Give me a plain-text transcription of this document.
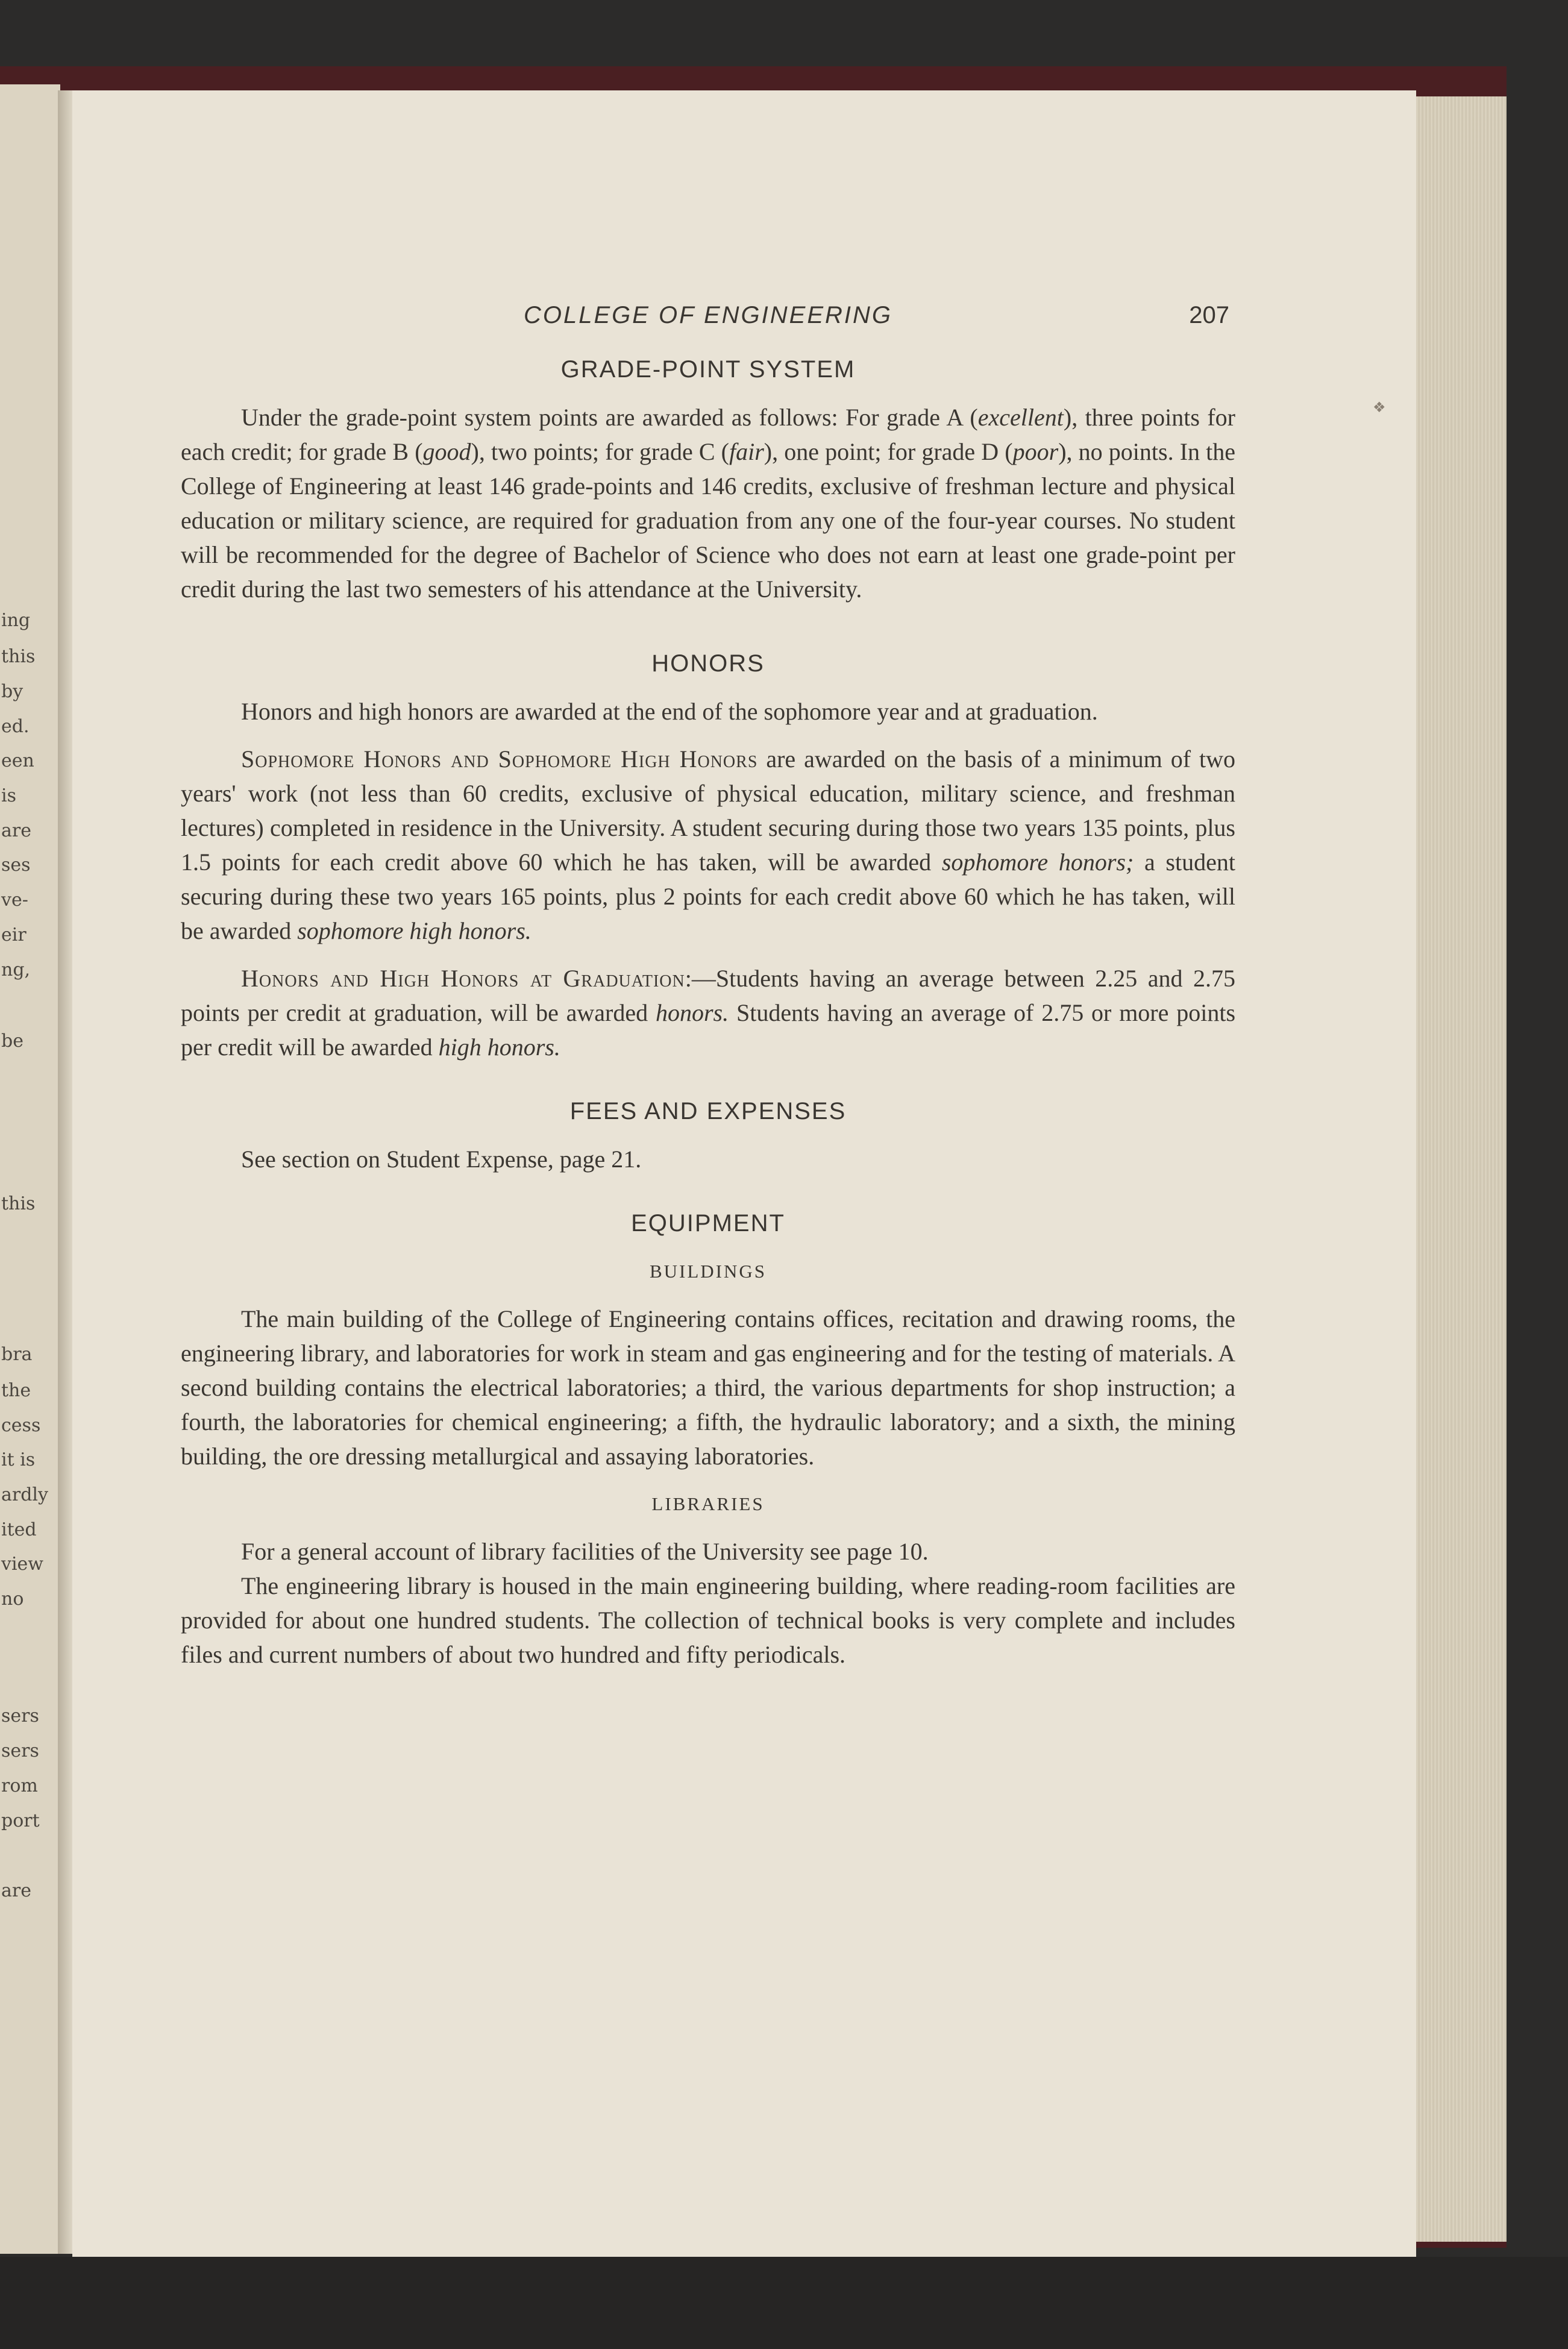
ing
this
by
ed.
een
is
are
ses
ve-
eir
ng,
be
this
bra
the
cess
it is
ardly
ited
view
no
sers
sers
rom
port
are
❖
COLLEGE OF ENGINEERING	207
GRADE-POINT SYSTEM

Under the grade-point system points are awarded as follows: For grade A (excellent), three points for each credit; for grade B (good), two points; for grade C (fair), one point; for grade D (poor), no points. In the College of Engineering at least 146 grade-points and 146 credits, exclusive of freshman lecture and physical education or military science, are required for graduation from any one of the four-year courses. No student will be recommended for the degree of Bachelor of Science who does not earn at least one grade-point per credit during the last two semesters of his attendance at the University.

HONORS

Honors and high honors are awarded at the end of the sophomore year and at graduation.

Sophomore Honors and Sophomore High Honors are awarded on the basis of a minimum of two years' work (not less than 60 credits, exclusive of physical education, military science, and freshman lectures) completed in residence in the University. A student securing during those two years 135 points, plus 1.5 points for each credit above 60 which he has taken, will be awarded sophomore honors; a student securing during these two years 165 points, plus 2 points for each credit above 60 which he has taken, will be awarded sophomore high honors.

Honors and High Honors at Graduation:—Students having an average between 2.25 and 2.75 points per credit at graduation, will be awarded honors. Students having an average of 2.75 or more points per credit will be awarded high honors.

FEES AND EXPENSES

See section on Student Expense, page 21.

EQUIPMENT
BUILDINGS

The main building of the College of Engineering contains offices, recitation and drawing rooms, the engineering library, and laboratories for work in steam and gas engineering and for the testing of materials. A second building contains the electrical laboratories; a third, the various departments for shop instruction; a fourth, the laboratories for chemical engineering; a fifth, the hydraulic laboratory; and a sixth, the mining building, the ore dressing metallurgical and assaying laboratories.

LIBRARIES

For a general account of library facilities of the University see page 10.

The engineering library is housed in the main engineering building, where reading-room facilities are provided for about one hundred students. The collection of technical books is very complete and includes files and current numbers of about two hundred and fifty periodicals.
